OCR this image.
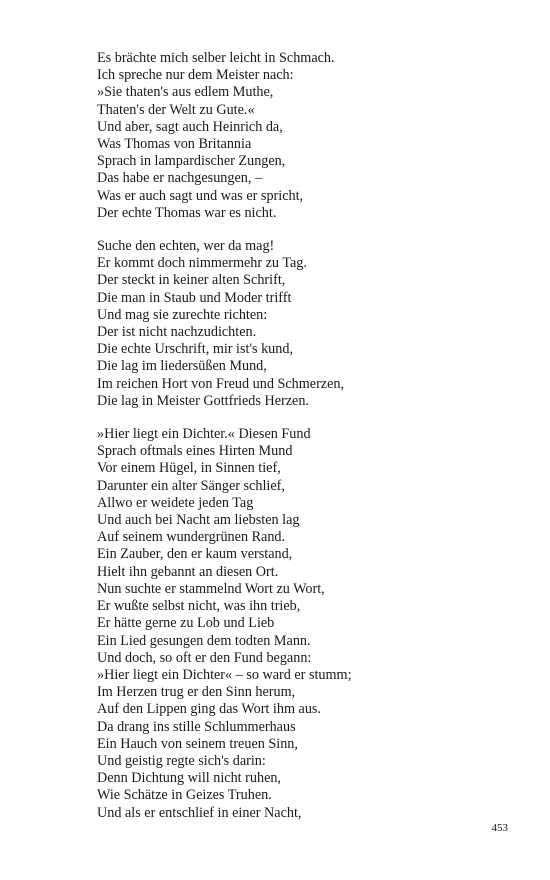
Es brächte mich selber leicht in Schmach.
Ich spreche nur dem Meister nach:
»Sie thaten's aus edlem Muthe,
Thaten's der Welt zu Gute.«
Und aber, sagt auch Heinrich da,
Was Thomas von Britannia
Sprach in lampardischer Zungen,
Das habe er nachgesungen, –
Was er auch sagt und was er spricht,
Der echte Thomas war es nicht.

Suche den echten, wer da mag!
Er kommt doch nimmermehr zu Tag.
Der steckt in keiner alten Schrift,
Die man in Staub und Moder trifft
Und mag sie zurechte richten:
Der ist nicht nachzudichten.
Die echte Urschrift, mir ist's kund,
Die lag im liedersüßen Mund,
Im reichen Hort von Freud und Schmerzen,
Die lag in Meister Gottfrieds Herzen.

»Hier liegt ein Dichter.« Diesen Fund
Sprach oftmals eines Hirten Mund
Vor einem Hügel, in Sinnen tief,
Darunter ein alter Sänger schlief,
Allwo er weidete jeden Tag
Und auch bei Nacht am liebsten lag
Auf seinem wundergrünen Rand.
Ein Zauber, den er kaum verstand,
Hielt ihn gebannt an diesen Ort.
Nun suchte er stammelnd Wort zu Wort,
Er wußte selbst nicht, was ihn trieb,
Er hätte gerne zu Lob und Lieb
Ein Lied gesungen dem todten Mann.
Und doch, so oft er den Fund begann:
»Hier liegt ein Dichter« – so ward er stumm;
Im Herzen trug er den Sinn herum,
Auf den Lippen ging das Wort ihm aus.
Da drang ins stille Schlummerhaus
Ein Hauch von seinem treuen Sinn,
Und geistig regte sich's darin:
Denn Dichtung will nicht ruhen,
Wie Schätze in Geizes Truhen.
Und als er entschlief in einer Nacht,

453
